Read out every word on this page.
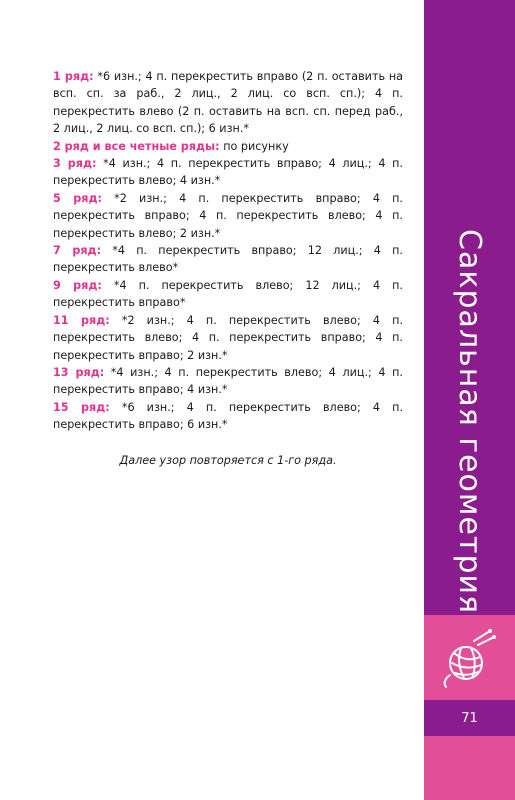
1 ряд: *6 изн.; 4 п. перекрестить вправо (2 п. оставить на всп. сп. за раб., 2 лиц., 2 лиц. со всп. сп.); 4 п. перекрестить влево (2 п. оставить на всп. сп. перед раб., 2 лиц., 2 лиц. со всп. сп.); 6 изн.*

2 ряд и все четные ряды: по рисунку

3 ряд: *4 изн.; 4 п. перекрестить вправо; 4 лиц.; 4 п. перекрестить влево; 4 изн.*

5 ряд: *2 изн.; 4 п. перекрестить вправо; 4 п. перекрестить вправо; 4 п. перекрестить влево; 4 п. перекрестить влево; 2 изн.*

7 ряд: *4 п. перекрестить вправо; 12 лиц.; 4 п. перекрестить влево*

9 ряд: *4 п. перекрестить влево; 12 лиц.; 4 п. перекрестить вправо*

11 ряд: *2 изн.; 4 п. перекрестить влево; 4 п. перекрестить влево; 4 п. перекрестить вправо; 4 п. перекрестить вправо; 2 изн.*

13 ряд: *4 изн.; 4 п. перекрестить влево; 4 лиц.; 4 п. перекрестить вправо; 4 изн.*

15 ряд: *6 изн.; 4 п. перекрестить влево; 4 п. перекрестить вправо; 6 изн.*

Далее узор повторяется с 1-го ряда.	Сакральная геометрия
71
